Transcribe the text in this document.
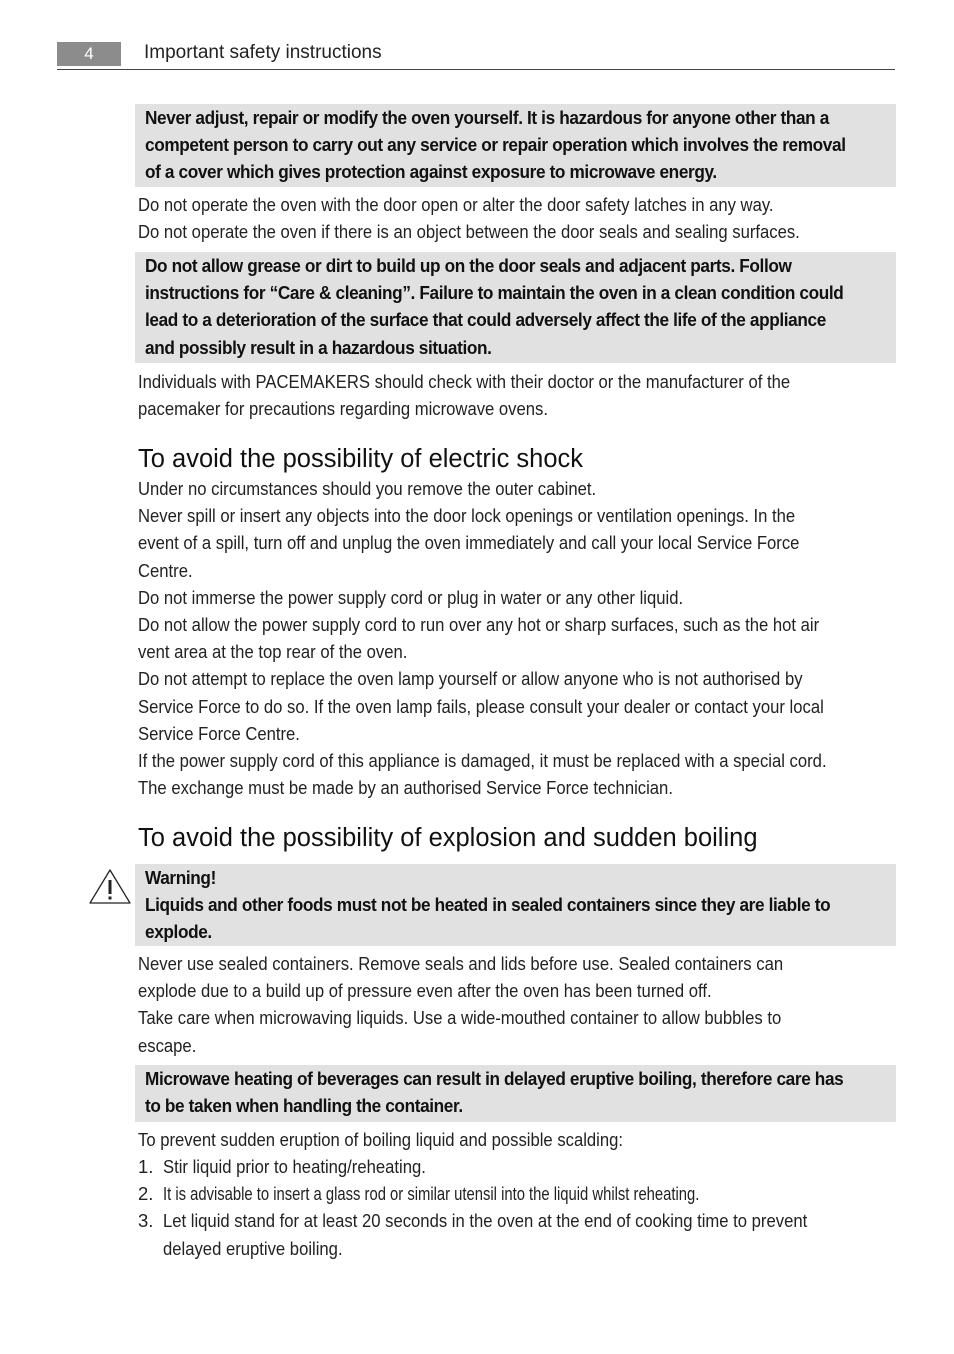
4	Important safety instructions

Never adjust, repair or modify the oven yourself. It is hazardous for anyone other than a

competent person to carry out any service or repair operation which involves the removal

of a cover which gives protection against exposure to microwave energy.

Do not operate the oven with the door open or alter the door safety latches in any way.

Do not operate the oven if there is an object between the door seals and sealing surfaces.

Do not allow grease or dirt to build up on the door seals and adjacent parts. Follow

instructions for “Care & cleaning”. Failure to maintain the oven in a clean condition could

lead to a deterioration of the surface that could adversely affect the life of the appliance

and possibly result in a hazardous situation.

Individuals with PACEMAKERS should check with their doctor or the manufacturer of the

pacemaker for precautions regarding microwave ovens.

To avoid the possibility of electric shock

Under no circumstances should you remove the outer cabinet.

Never spill or insert any objects into the door lock openings or ventilation openings. In the

event of a spill, turn off and unplug the oven immediately and call your local Service Force

Centre.

Do not immerse the power supply cord or plug in water or any other liquid.

Do not allow the power supply cord to run over any hot or sharp surfaces, such as the hot air

vent area at the top rear of the oven.

Do not attempt to replace the oven lamp yourself or allow anyone who is not authorised by

Service Force to do so. If the oven lamp fails, please consult your dealer or contact your local

Service Force Centre.

If the power supply cord of this appliance is damaged, it must be replaced with a special cord.

The exchange must be made by an authorised Service Force technician.

To avoid the possibility of explosion and sudden boiling

Warning!

Liquids and other foods must not be heated in sealed containers since they are liable to

explode.

Never use sealed containers. Remove seals and lids before use. Sealed containers can

explode due to a build up of pressure even after the oven has been turned off.

Take care when microwaving liquids. Use a wide-mouthed container to allow bubbles to

escape.

Microwave heating of beverages can result in delayed eruptive boiling, therefore care has

to be taken when handling the container.

To prevent sudden eruption of boiling liquid and possible scalding:

1. Stir liquid prior to heating/reheating.
2. It is advisable to insert a glass rod or similar utensil into the liquid whilst reheating.
3. Let liquid stand for at least 20 seconds in the oven at the end of cooking time to prevent
delayed eruptive boiling.
